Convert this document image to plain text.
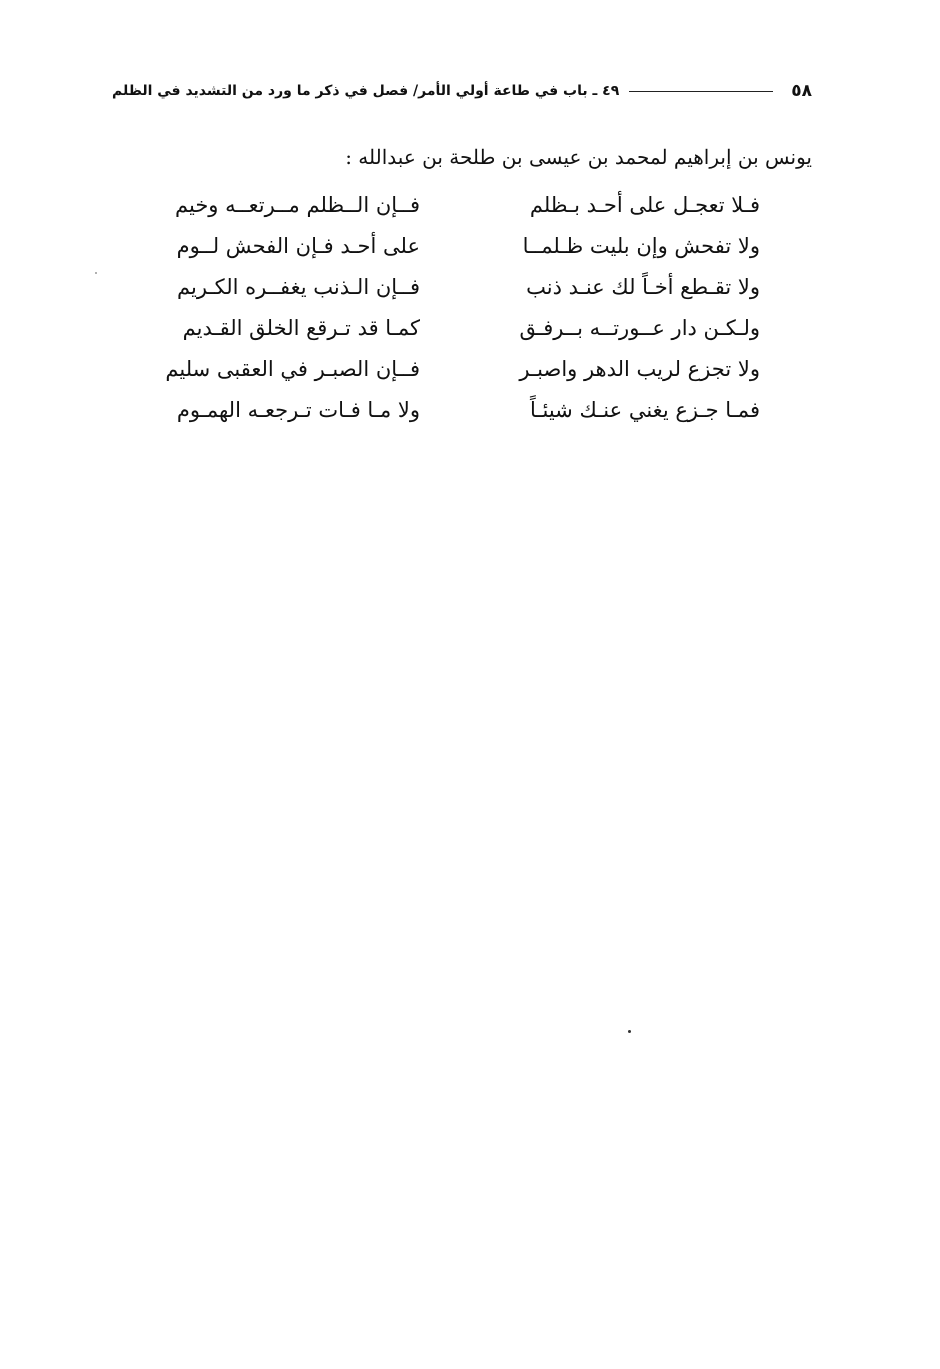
٥٨
٤٩ ـ باب في طاعة أولي الأمر/ فصل في ذكر ما ورد من التشديد في الظلم
يونس بن إبراهيم لمحمد بن عيسى بن طلحة بن عبدالله :
فـلا تعجـل على أحـد بـظلم
فــإن الــظلم مــرتعــه وخيم
ولا تفحش وإن بليت ظـلمــا
على أحـد فـإن الفحش لــوم
ولا تقـطع أخـاً لك عنـد ذنب
فــإن الـذنب يغفــره الكـريم
ولـكـن دار عــورتــه بــرفـق
كمـا قد تـرقع الخلق القـديم
ولا تجزع لريب الدهر واصبـر
فــإن الصبـر في العقبى سليم
فمـا جـزع يغني عنـك شيئـاً
ولا مـا فـات تـرجعـه الهمـوم
